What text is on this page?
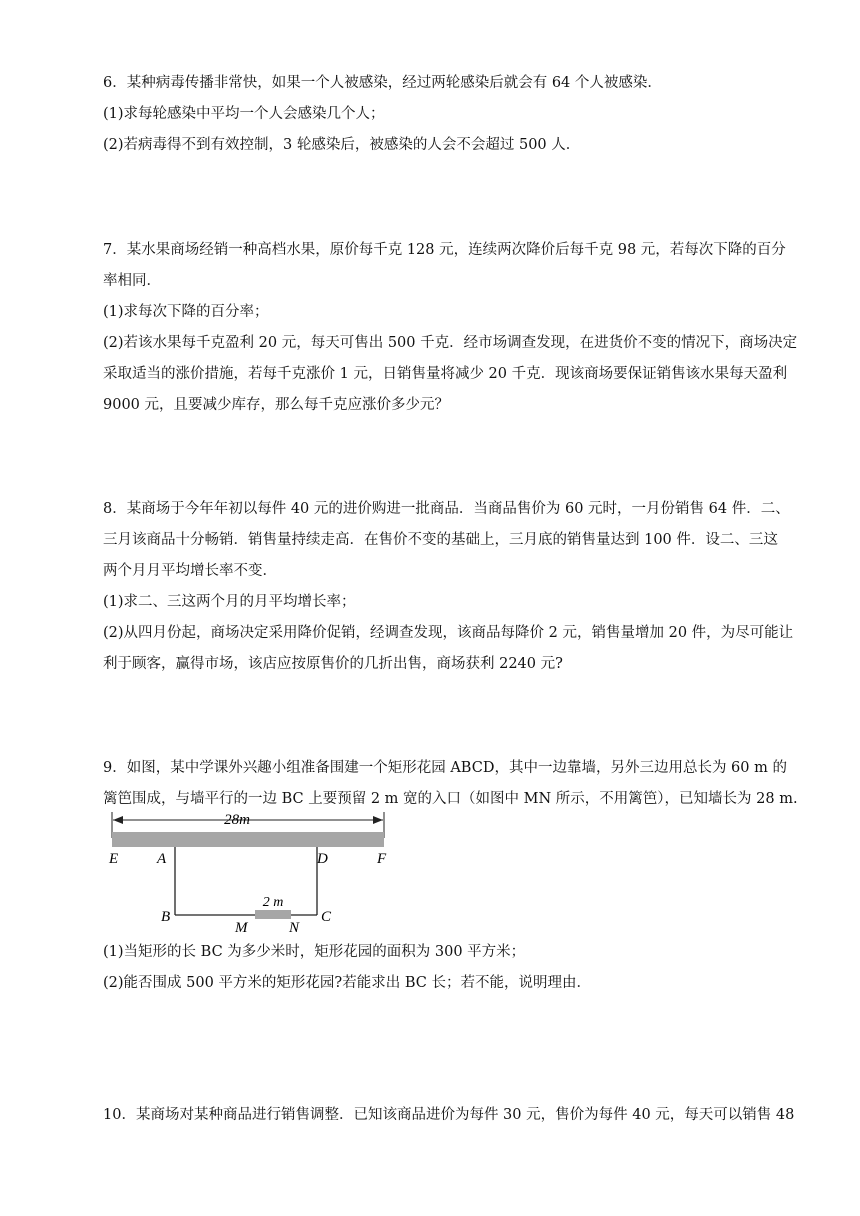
6．某种病毒传播非常快，如果一个人被感染，经过两轮感染后就会有 64 个人被感染．
(1)求每轮感染中平均一个人会感染几个人；
(2)若病毒得不到有效控制，3 轮感染后，被感染的人会不会超过 500 人．
7．某水果商场经销一种高档水果，原价每千克 128 元，连续两次降价后每千克 98 元，若每次下降的百分
率相同．
(1)求每次下降的百分率；
(2)若该水果每千克盈利 20 元，每天可售出 500 千克．经市场调查发现，在进货价不变的情况下，商场决定
采取适当的涨价措施，若每千克涨价 1 元，日销售量将减少 20 千克．现该商场要保证销售该水果每天盈利
9000 元，且要减少库存，那么每千克应涨价多少元？
8．某商场于今年年初以每件 40 元的进价购进一批商品．当商品售价为 60 元时，一月份销售 64 件．二、
三月该商品十分畅销．销售量持续走高．在售价不变的基础上，三月底的销售量达到 100 件．设二、三这
两个月月平均增长率不变．
(1)求二、三这两个月的月平均增长率；
(2)从四月份起，商场决定采用降价促销，经调查发现，该商品每降价 2 元，销售量增加 20 件，为尽可能让
利于顾客，赢得市场，该店应按原售价的几折出售，商场获利 2240 元?
9．如图，某中学课外兴趣小组准备围建一个矩形花园 ABCD，其中一边靠墙，另外三边用总长为 60 m 的
篱笆围成，与墙平行的一边 BC 上要预留 2 m 宽的入口（如图中 MN 所示，不用篱笆），已知墙长为 28 m.
28m
2 m
E	A	D	F
B
M	N
C
(1)当矩形的长 BC 为多少米时，矩形花园的面积为 300 平方米；
(2)能否围成 500 平方米的矩形花园?若能求出 BC 长；若不能，说明理由．
10．某商场对某种商品进行销售调整．已知该商品进价为每件 30 元，售价为每件 40 元，每天可以销售 48
